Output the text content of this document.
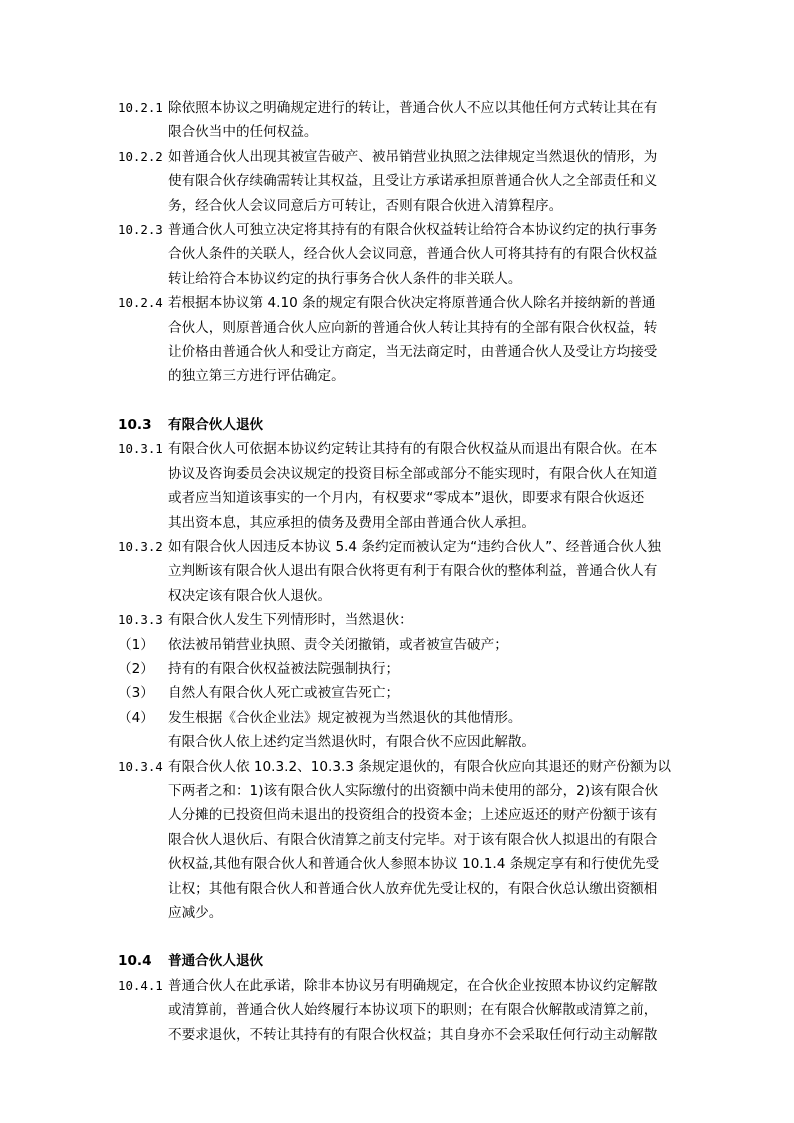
10.2.1 除依照本协议之明确规定进行的转让，普通合伙人不应以其他任何方式转让其在有
限合伙当中的任何权益。
10.2.2 如普通合伙人出现其被宣告破产、被吊销营业执照之法律规定当然退伙的情形，为
使有限合伙存续确需转让其权益，且受让方承诺承担原普通合伙人之全部责任和义
务，经合伙人会议同意后方可转让，否则有限合伙进入清算程序。
10.2.3 普通合伙人可独立决定将其持有的有限合伙权益转让给符合本协议约定的执行事务
合伙人条件的关联人，经合伙人会议同意，普通合伙人可将其持有的有限合伙权益
转让给符合本协议约定的执行事务合伙人条件的非关联人。
10.2.4 若根据本协议第 4.10 条的规定有限合伙决定将原普通合伙人除名并接纳新的普通
合伙人，则原普通合伙人应向新的普通合伙人转让其持有的全部有限合伙权益，转
让价格由普通合伙人和受让方商定，当无法商定时，由普通合伙人及受让方均接受
的独立第三方进行评估确定。
10.3	有限合伙人退伙
10.3.1 有限合伙人可依据本协议约定转让其持有的有限合伙权益从而退出有限合伙。在本
协议及咨询委员会决议规定的投资目标全部或部分不能实现时，有限合伙人在知道
或者应当知道该事实的一个月内，有权要求“零成本”退伙，即要求有限合伙返还
其出资本息，其应承担的债务及费用全部由普通合伙人承担。
10.3.2 如有限合伙人因违反本协议 5.4 条约定而被认定为“违约合伙人”、经普通合伙人独
立判断该有限合伙人退出有限合伙将更有利于有限合伙的整体利益，普通合伙人有
权决定该有限合伙人退伙。
10.3.3 有限合伙人发生下列情形时，当然退伙：
（1）	依法被吊销营业执照、责令关闭撤销，或者被宣告破产；
（2）	持有的有限合伙权益被法院强制执行；
（3）	自然人有限合伙人死亡或被宣告死亡；
（4）	发生根据《合伙企业法》规定被视为当然退伙的其他情形。
有限合伙人依上述约定当然退伙时，有限合伙不应因此解散。
10.3.4 有限合伙人依 10.3.2、10.3.3 条规定退伙的，有限合伙应向其退还的财产份额为以
下两者之和：1)该有限合伙人实际缴付的出资额中尚未使用的部分，2)该有限合伙
人分摊的已投资但尚未退出的投资组合的投资本金；上述应返还的财产份额于该有
限合伙人退伙后、有限合伙清算之前支付完毕。对于该有限合伙人拟退出的有限合
伙权益,其他有限合伙人和普通合伙人参照本协议 10.1.4 条规定享有和行使优先受
让权；其他有限合伙人和普通合伙人放弃优先受让权的，有限合伙总认缴出资额相
应减少。
10.4	普通合伙人退伙
10.4.1 普通合伙人在此承诺，除非本协议另有明确规定，在合伙企业按照本协议约定解散
或清算前，普通合伙人始终履行本协议项下的职则；在有限合伙解散或清算之前，
不要求退伙，不转让其持有的有限合伙权益；其自身亦不会采取任何行动主动解散
